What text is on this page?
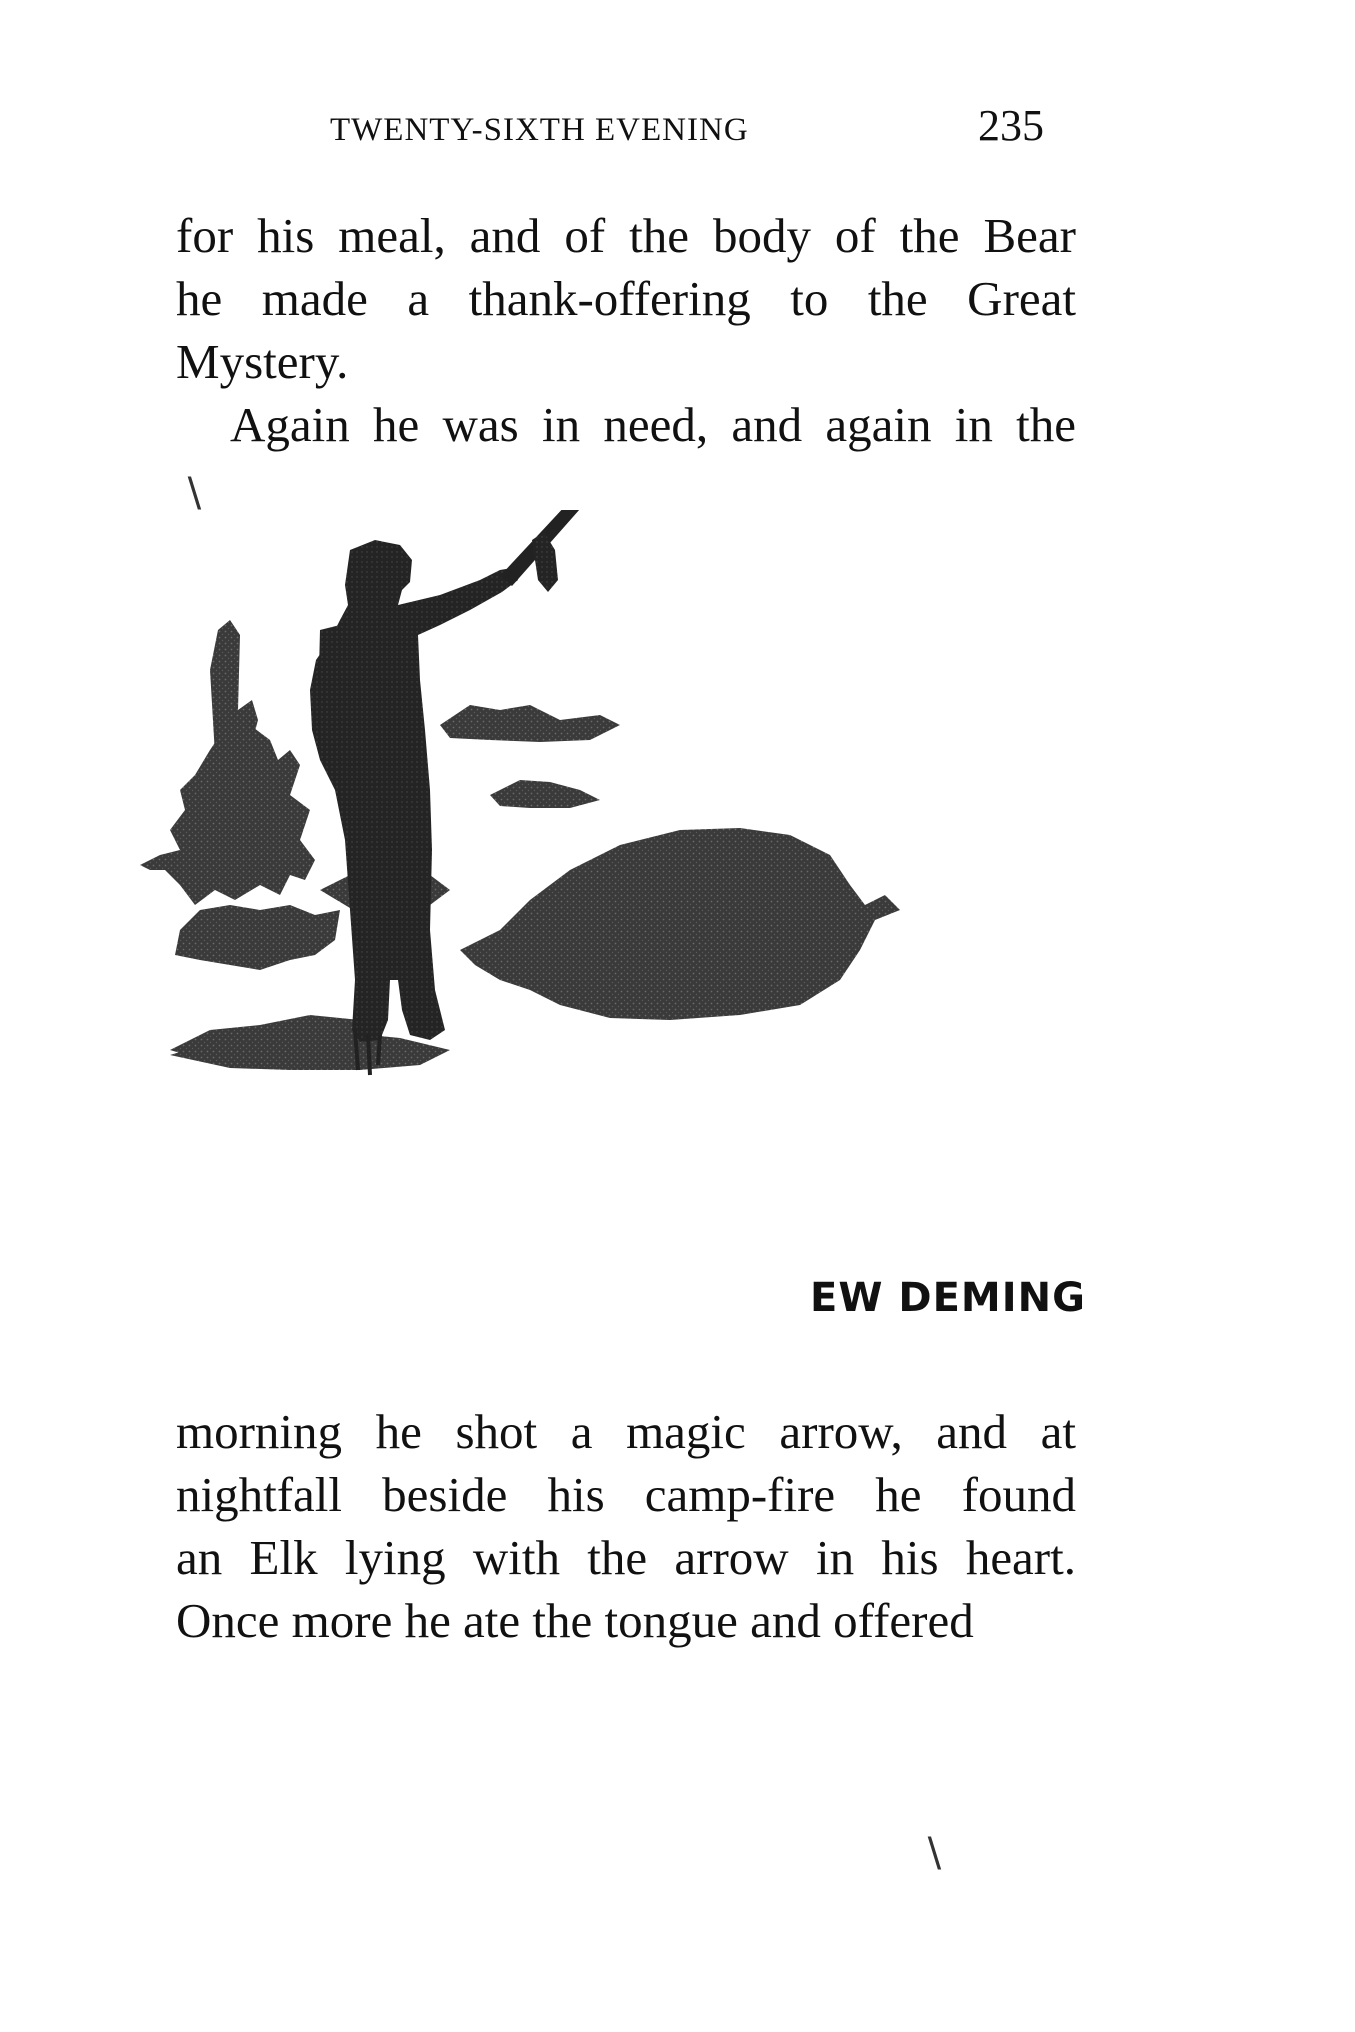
TWENTY-SIXTH EVENING	235
for his meal, and of the body of the Bear
he made a thank-offering to the Great
Mystery.
Again he was in need, and again in the
EW DEMING
morning he shot a magic arrow, and at
nightfall beside his camp-fire he found
an Elk lying with the arrow in his heart.
Once more he ate the tongue and offered
∖
∖
